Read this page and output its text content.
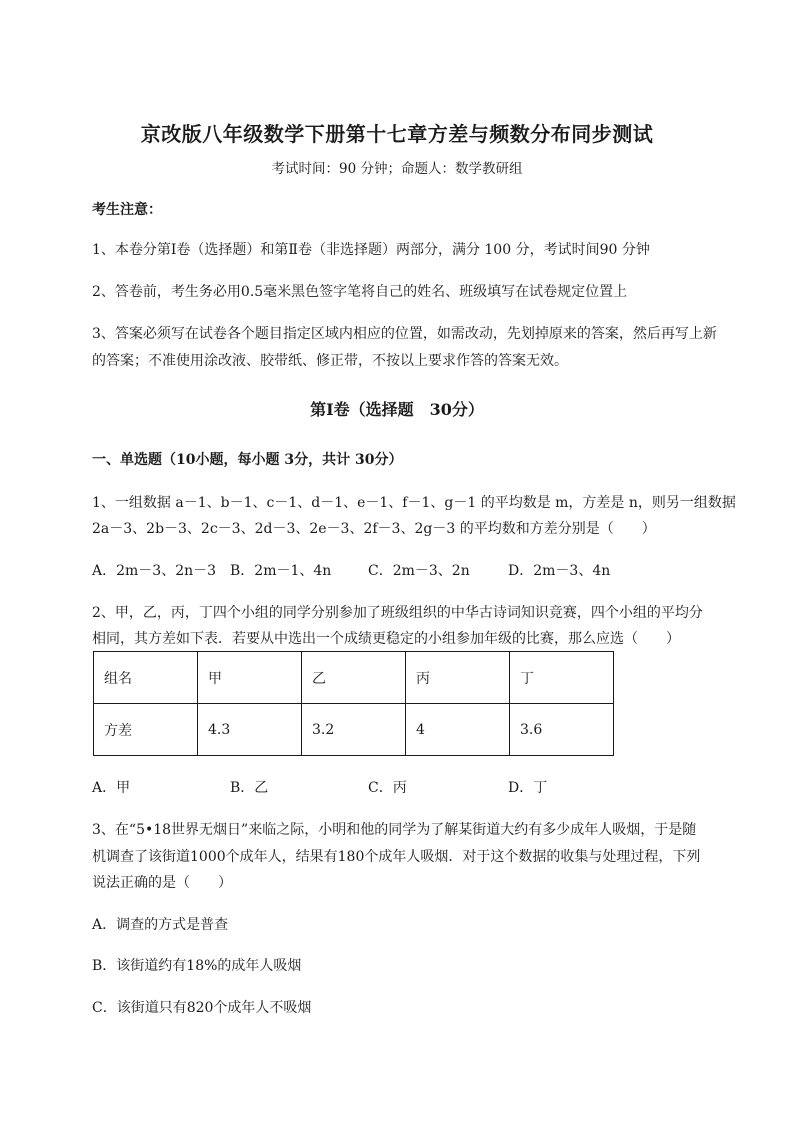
京改版八年级数学下册第十七章方差与频数分布同步测试
考试时间：90 分钟；命题人：数学教研组
考生注意：
1、本卷分第Ⅰ卷（选择题）和第Ⅱ卷（非选择题）两部分，满分 100 分，考试时间90 分钟
2、答卷前，考生务必用0.5毫米黑色签字笔将自己的姓名、班级填写在试卷规定位置上
3、答案必须写在试卷各个题目指定区域内相应的位置，如需改动，先划掉原来的答案，然后再写上新
的答案；不准使用涂改液、胶带纸、修正带，不按以上要求作答的答案无效。
第Ⅰ卷（选择题　30分）
一、单选题（10小题，每小题 3分，共计 30分）
1、一组数据 a－1、b－1、c－1、d－1、e－1、f－1、g－1 的平均数是 m，方差是 n，则另一组数据
2a－3、2b－3、2c－3、2d－3、2e－3、2f－3、2g－3 的平均数和方差分别是（　　）
A．2m－3、2n－3 B．2m－1、4n	C．2m－3、2n	D．2m－3、4n
2、甲，乙，丙，丁四个小组的同学分别参加了班级组织的中华古诗词知识竞赛，四个小组的平均分
相同，其方差如下表．若要从中选出一个成绩更稳定的小组参加年级的比赛，那么应选（　　）
组名	甲	乙	丙	丁
方差	4.3	3.2	4	3.6
A．甲	B．乙	C．丙	D．丁
3、在“5•18世界无烟日”来临之际，小明和他的同学为了解某街道大约有多少成年人吸烟，于是随
机调查了该街道1000个成年人，结果有180个成年人吸烟．对于这个数据的收集与处理过程，下列
说法正确的是（　　）
A．调查的方式是普查
B．该街道约有18%的成年人吸烟
C．该街道只有820个成年人不吸烟
